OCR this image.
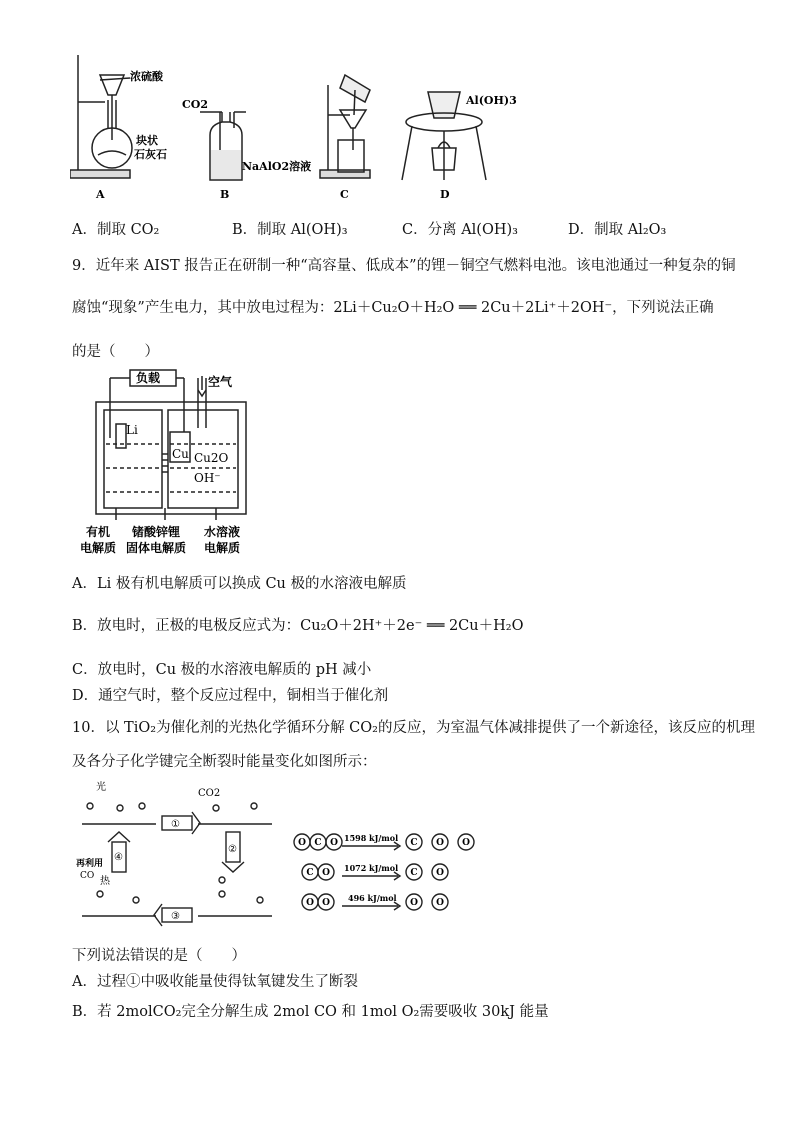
浓硫酸
块状
石灰石
A
CO2
NaAlO2溶液
B	C
Al(OH)3
D
A．制取 CO₂	B．制取 Al(OH)₃	C．分离 Al(OH)₃	D．制取 Al₂O₃
9．近年来 AIST 报告正在研制一种“高容量、低成本”的锂－铜空气燃料电池。该电池通过一种复杂的铜
腐蚀“现象”产生电力，其中放电过程为：2Li＋Cu₂O＋H₂O ══ 2Cu＋2Li⁺＋2OH⁻，下列说法正确
的是（　　）
负载	空气
Li
Cu Cu2O
OH⁻
有机
电解质
锗酸锌锂
固体电解质
水溶液
电解质
A．Li 极有机电解质可以换成 Cu 极的水溶液电解质
B．放电时，正极的电极反应式为：Cu₂O＋2H⁺＋2e⁻ ══ 2Cu＋H₂O
C．放电时，Cu 极的水溶液电解质的 pH 减小
D．通空气时，整个反应过程中，铜相当于催化剂
10．以 TiO₂为催化剂的光热化学循环分解 CO₂的反应，为室温气体减排提供了一个新途径，该反应的机理
及各分子化学键完全断裂时能量变化如图所示：
光
CO2
热
再利用
CO
①
②
③
④
O C O
C O
O O
C O O
C O
O O
1598 kJ/mol
1072 kJ/mol
496 kJ/mol
下列说法错误的是（　　）
A．过程①中吸收能量使得钛氧键发生了断裂
B．若 2molCO₂完全分解生成 2mol CO 和 1mol O₂需要吸收 30kJ 能量
